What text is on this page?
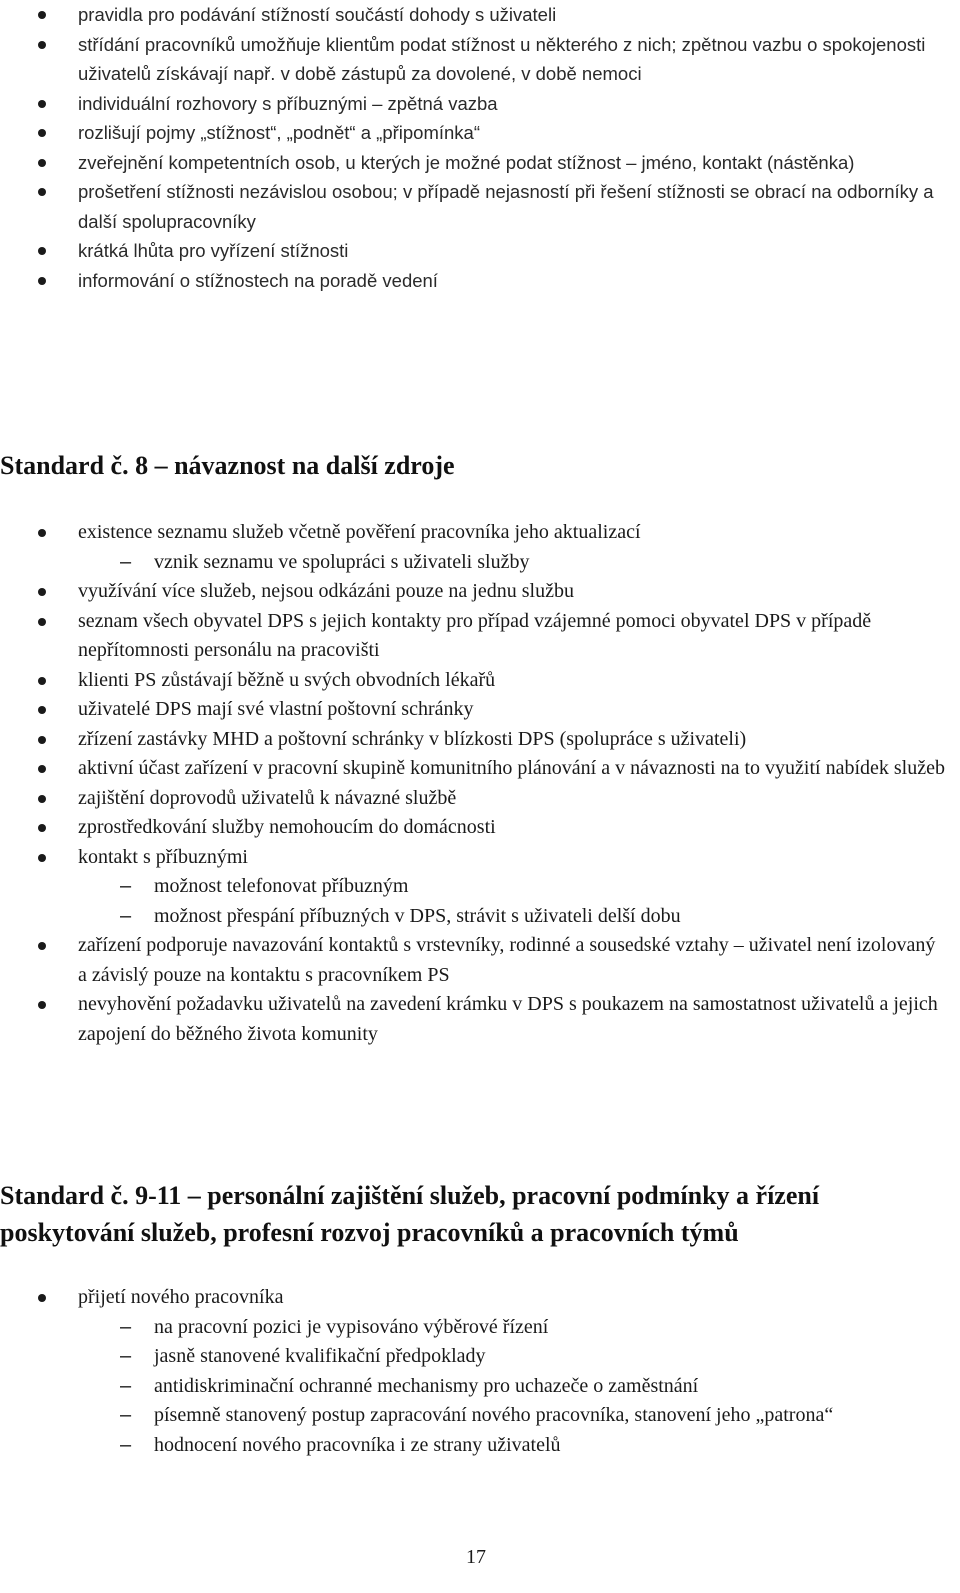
pravidla pro podávání stížností součástí dohody s uživateli
střídání pracovníků umožňuje klientům podat stížnost u některého z nich; zpětnou vazbu o spokojenosti uživatelů získávají např. v době zástupů za dovolené, v době nemoci
individuální rozhovory s příbuznými – zpětná vazba
rozlišují pojmy „stížnost“, „podnět“ a „připomínka“
zveřejnění kompetentních osob, u kterých je možné podat stížnost – jméno, kontakt (nástěnka)
prošetření stížnosti nezávislou osobou; v případě nejasností při řešení stížnosti se obrací na odborníky a další spolupracovníky
krátká lhůta pro vyřízení stížnosti
informování o stížnostech na poradě vedení
Standard č. 8 – návaznost na další zdroje
existence seznamu služeb včetně pověření pracovníka jeho aktualizací
– vznik seznamu ve spolupráci s uživateli služby
využívání více služeb, nejsou odkázáni pouze na jednu službu
seznam všech obyvatel DPS s jejich kontakty pro případ vzájemné pomoci obyvatel DPS v případě nepřítomnosti personálu na pracovišti
klienti PS zůstávají běžně u svých obvodních lékařů
uživatelé DPS mají své vlastní poštovní schránky
zřízení zastávky MHD a poštovní schránky v blízkosti DPS (spolupráce s uživateli)
aktivní účast zařízení v pracovní skupině komunitního plánování a v návaznosti na to využití nabídek služeb
zajištění doprovodů uživatelů k návazné službě
zprostředkování služby nemohoucím do domácnosti
kontakt s příbuznými
– možnost telefonovat příbuzným
– možnost přespání příbuzných v DPS, strávit s uživateli delší dobu
zařízení podporuje navazování kontaktů s vrstevníky, rodinné a sousedské vztahy – uživatel není izolovaný a závislý pouze na kontaktu s pracovníkem PS
nevyhovění požadavku uživatelů na zavedení krámku v DPS s poukazem na samostatnost uživatelů a jejich zapojení do běžného života komunity
Standard č. 9-11 – personální zajištění služeb, pracovní podmínky a řízení poskytování služeb, profesní rozvoj pracovníků a pracovních týmů
přijetí nového pracovníka
– na pracovní pozici je vypisováno výběrové řízení
– jasně stanovené kvalifikační předpoklady
– antidiskriminační ochranné mechanismy pro uchazeče o zaměstnání
– písemně stanovený postup zapracování nového pracovníka, stanovení jeho „patrona“
– hodnocení nového pracovníka i ze strany uživatelů
17
